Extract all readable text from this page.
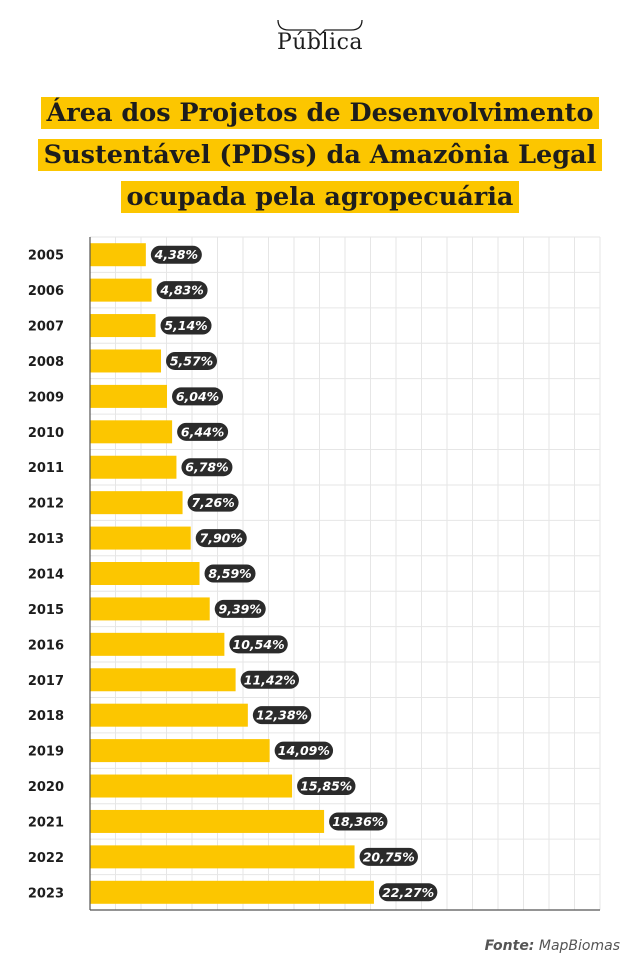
Pública
Área dos Projetos de Desenvolvimento
Sustentável (PDSs) da Amazônia Legal
ocupada pela agropecuária
2005	4,38%
2006	4,83%
2007	5,14%
2008	5,57%
2009	6,04%
2010	6,44%
2011	6,78%
2012	7,26%
2013	7,90%
2014	8,59%
2015	9,39%
2016	10,54%
2017	11,42%
2018	12,38%
2019	14,09%
2020	15,85%
2021	18,36%
2022	20,75%
2023	22,27%
Fonte: MapBiomas
